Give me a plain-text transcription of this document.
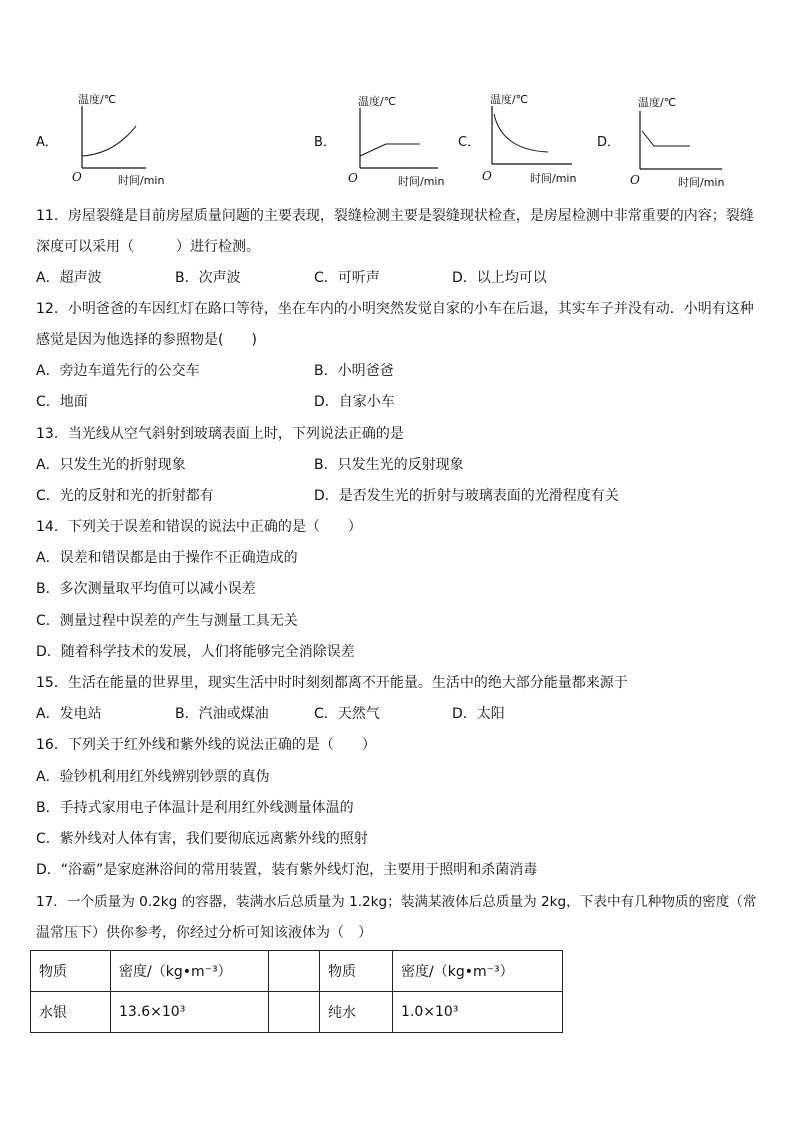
A．
温度/℃
O	时间/min
B．
温度/℃
O	时间/min
C．
温度/℃
O	时间/min
D．
温度/℃
O	时间/min
11．房屋裂缝是目前房屋质量问题的主要表现，裂缝检测主要是裂缝现状检查，是房屋检测中非常重要的内容；裂缝
深度可以采用（　　　）进行检测。
A．超声波	B．次声波	C．可听声	D．以上均可以
12．小明爸爸的车因红灯在路口等待，坐在车内的小明突然发觉自家的小车在后退，其实车子并没有动．小明有这种
感觉是因为他选择的参照物是(　　)
A．旁边车道先行的公交车	B．小明爸爸
C．地面	D．自家小车
13．当光线从空气斜射到玻璃表面上时，下列说法正确的是
A．只发生光的折射现象	B．只发生光的反射现象
C．光的反射和光的折射都有	D．是否发生光的折射与玻璃表面的光滑程度有关
14．下列关于误差和错误的说法中正确的是（　　）
A．误差和错误都是由于操作不正确造成的
B．多次测量取平均值可以减小误差
C．测量过程中误差的产生与测量工具无关
D．随着科学技术的发展，人们将能够完全消除误差
15．生活在能量的世界里，现实生活中时时刻刻都离不开能量。生活中的绝大部分能量都来源于
A．发电站	B．汽油或煤油	C．天然气	D．太阳
16．下列关于红外线和紫外线的说法正确的是（　　）
A．验钞机利用红外线辨别钞票的真伪
B．手持式家用电子体温计是利用红外线测量体温的
C．紫外线对人体有害，我们要彻底远离紫外线的照射
D．“浴霸”是家庭淋浴间的常用装置，装有紫外线灯泡，主要用于照明和杀菌消毒
17．一个质量为 0.2kg 的容器，装满水后总质量为 1.2kg；装满某液体后总质量为 2kg，下表中有几种物质的密度（常
温常压下）供你参考，你经过分析可知该液体为（　）
物质	密度/（kg•m⁻³）		物质	密度/（kg•m⁻³）
水银	13.6×10³		纯水	1.0×10³
